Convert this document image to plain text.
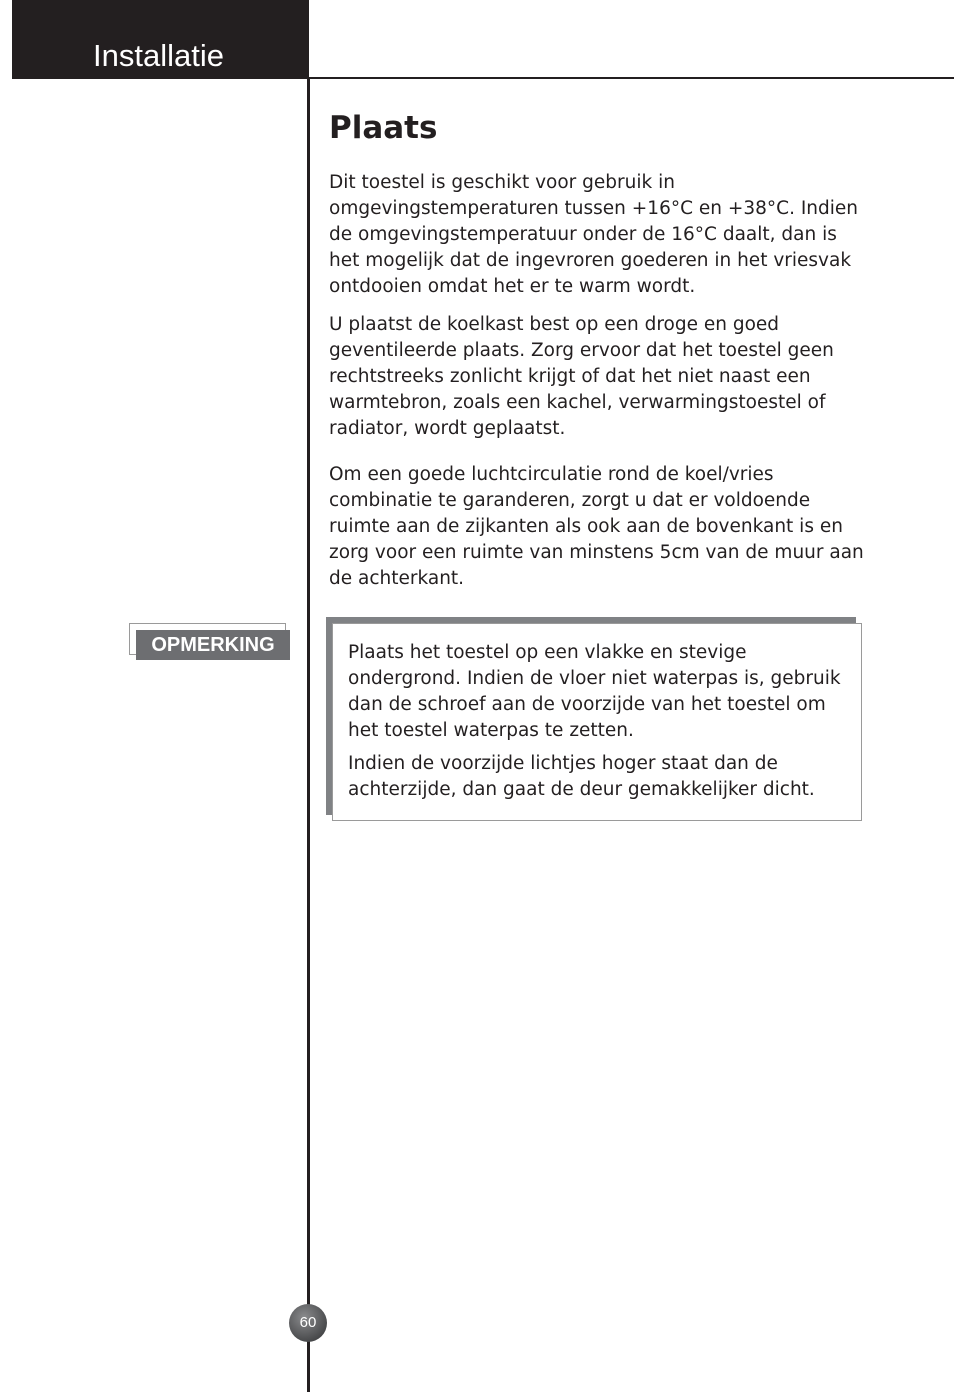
Installatie
Plaats

Dit toestel is geschikt voor gebruik in omgevingstemperaturen tussen +16°C en +38°C. Indien de omgevingstemperatuur onder de 16°C daalt, dan is het mogelijk dat de ingevroren goederen in het vriesvak ontdooien omdat het er te warm wordt.

U plaatst de koelkast best op een droge en goed geventileerde plaats. Zorg ervoor dat het toestel geen rechtstreeks zonlicht krijgt of dat het niet naast een warmtebron, zoals een kachel, verwarmingstoestel of radiator, wordt geplaatst.

Om een goede luchtcirculatie rond de koel/vries combinatie te garanderen, zorgt u dat er voldoende ruimte aan de zijkanten als ook aan de bovenkant is en zorg voor een ruimte van minstens 5cm van de muur aan de achterkant.

OPMERKING	Plaats het toestel op een vlakke en stevige ondergrond. Indien de vloer niet waterpas is, gebruik dan de schroef aan de voorzijde van het toestel om het toestel waterpas te zetten.

Indien de voorzijde lichtjes hoger staat dan de achterzijde, dan gaat de deur gemakkelijker dicht.

60
